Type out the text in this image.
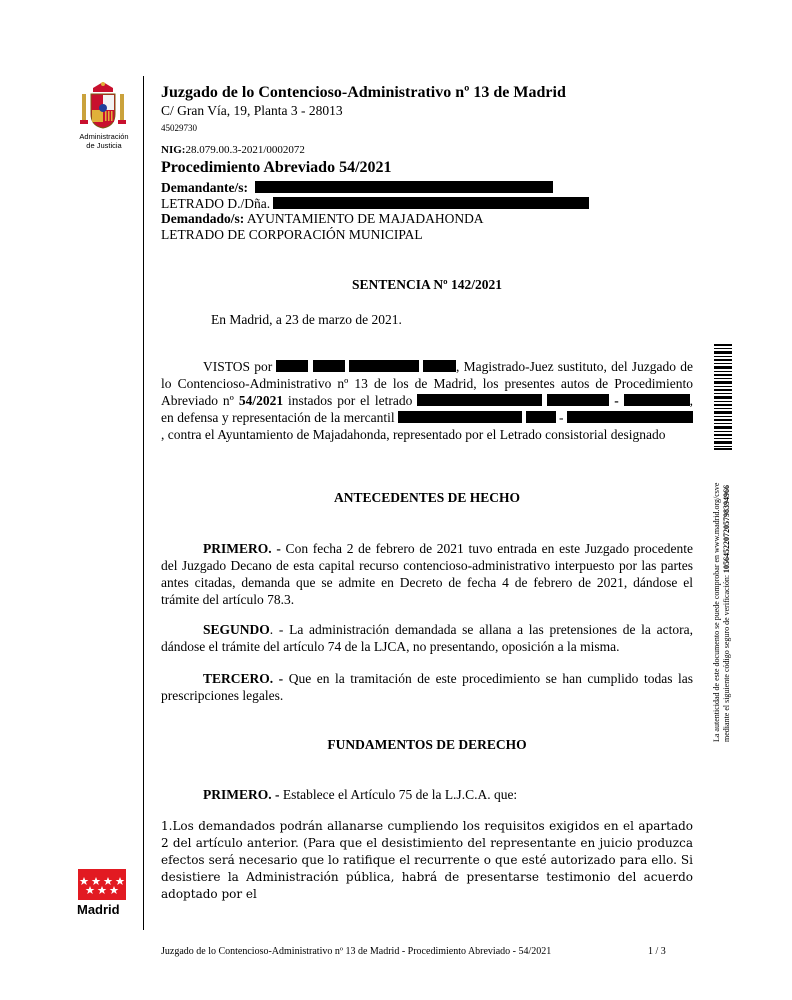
Administración
de Justicia
Madrid
Juzgado de lo Contencioso-Administrativo nº 13 de Madrid
C/ Gran Vía, 19, Planta 3 - 28013
45029730
NIG:28.079.00.3-2021/0002072
Procedimiento Abreviado 54/2021
Demandante/s:
LETRADO D./Dña.
Demandado/s: AYUNTAMIENTO DE MAJADAHONDA
LETRADO DE CORPORACIÓN MUNICIPAL
SENTENCIA Nº 142/2021
En Madrid, a 23 de marzo de 2021.
VISTOS por	, Magistrado-Juez sustituto, del Juzgado de lo Contencioso-Administrativo nº 13 de los de Madrid, los presentes autos de Procedimiento Abreviado nº 54/2021 instados por el letrado	-	, en defensa y representación de la mercantil	- , contra el Ayuntamiento de Majadahonda, representado por el Letrado consistorial designado
ANTECEDENTES DE HECHO
PRIMERO. - Con fecha 2 de febrero de 2021 tuvo entrada en este Juzgado procedente del Juzgado Decano de esta capital recurso contencioso-administrativo interpuesto por las partes antes citadas, demanda que se admite en Decreto de fecha 4 de febrero de 2021, dándose el trámite del artículo 78.3.
SEGUNDO. - La administración demandada se allana a las pretensiones de la actora, dándose el trámite del artículo 74 de la LJCA, no presentando, oposición a la misma.
TERCERO. - Que en la tramitación de este procedimiento se han cumplido todas las prescripciones legales.
FUNDAMENTOS DE DERECHO
PRIMERO. - Establece el Artículo 75 de la L.J.C.A. que:
1.Los demandados podrán allanarse cumpliendo los requisitos exigidos en el apartado 2 del artículo anterior. (Para que el desistimiento del representante en juicio produzca efectos será necesario que lo ratifique el recurrente o que esté autorizado para ello. Si desistiere la Administración pública, habrá de presentarse testimonio del acuerdo adoptado por el
La autenticidad de este documento se puede comprobar en www.madrid.org/csve mediante el siguiente código seguro de verificación: 1056452207205798394966
Juzgado de lo Contencioso-Administrativo nº 13 de Madrid - Procedimiento Abreviado - 54/2021	1 / 3
